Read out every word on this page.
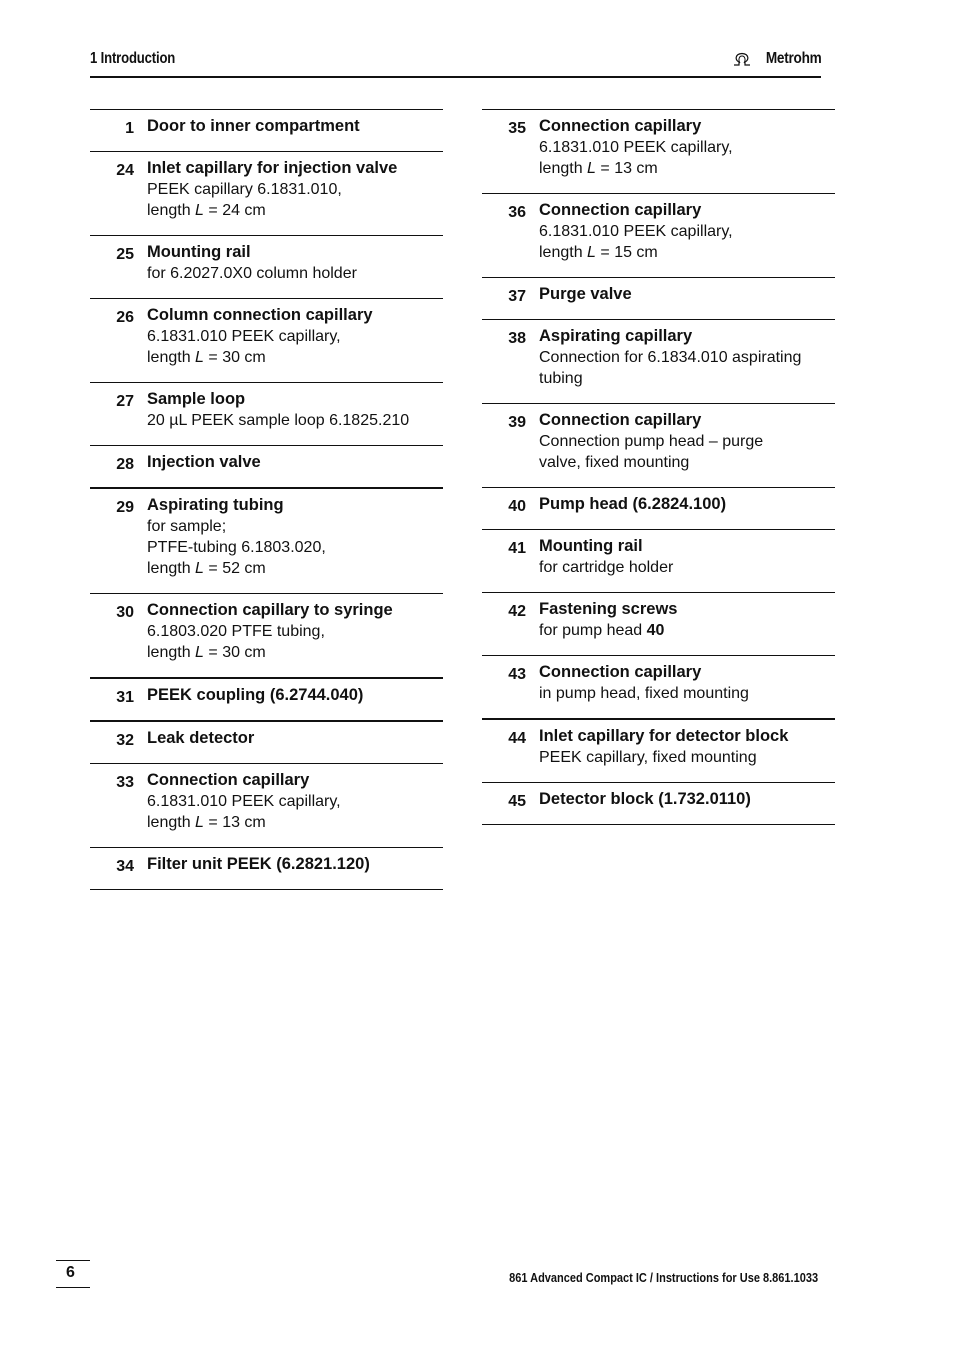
1 Introduction	Metrohm
1 Door to inner compartment
24 Inlet capillary for injection valve
PEEK capillary 6.1831.010,
length L = 24 cm
25 Mounting rail
for 6.2027.0X0 column holder
26 Column connection capillary
6.1831.010 PEEK capillary,
length L = 30 cm
27 Sample loop
20 µL PEEK sample loop 6.1825.210
28 Injection valve
29 Aspirating tubing
for sample;
PTFE-tubing 6.1803.020,
length L = 52 cm
30 Connection capillary to syringe
6.1803.020 PTFE tubing,
length L = 30 cm
31 PEEK coupling (6.2744.040)
32 Leak detector
33 Connection capillary
6.1831.010 PEEK capillary,
length L = 13 cm
34 Filter unit PEEK (6.2821.120)
35 Connection capillary
6.1831.010 PEEK capillary,
length L = 13 cm
36 Connection capillary
6.1831.010 PEEK capillary,
length L = 15 cm
37 Purge valve
38 Aspirating capillary
Connection for 6.1834.010 aspirating
tubing
39 Connection capillary
Connection pump head – purge
valve, fixed mounting
40 Pump head (6.2824.100)
41 Mounting rail
for cartridge holder
42 Fastening screws
for pump head 40
43 Connection capillary
in pump head, fixed mounting
44 Inlet capillary for detector block
PEEK capillary, fixed mounting
45 Detector block (1.732.0110)
6	861 Advanced Compact IC / Instructions for Use 8.861.1033
